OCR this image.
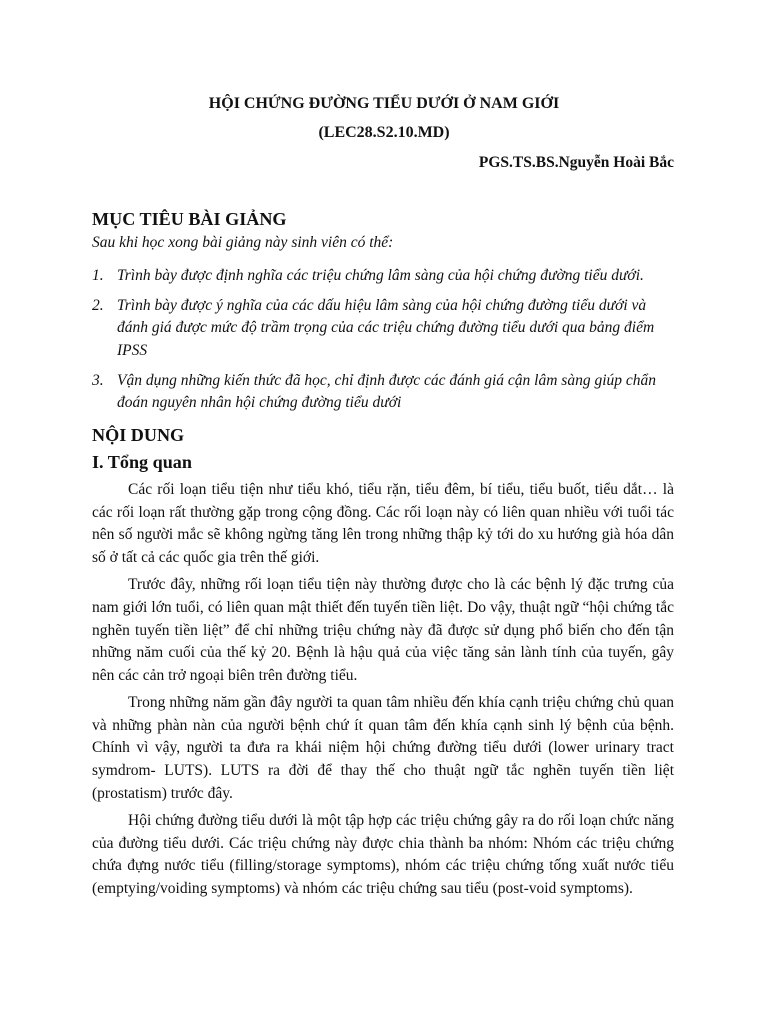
HỘI CHỨNG ĐƯỜNG TIỂU DƯỚI Ở NAM GIỚI
(LEC28.S2.10.MD)
PGS.TS.BS.Nguyễn Hoài Bắc
MỤC TIÊU BÀI GIẢNG

Sau khi học xong bài giảng này sinh viên có thể:

1. Trình bày được định nghĩa các triệu chứng lâm sàng của hội chứng đường tiểu dưới.
2. Trình bày được ý nghĩa của các dấu hiệu lâm sàng của hội chứng đường tiểu dưới và đánh giá được mức độ trầm trọng của các triệu chứng đường tiểu dưới qua bảng điểm IPSS
3. Vận dụng những kiến thức đã học, chỉ định được các đánh giá cận lâm sàng giúp chẩn đoán nguyên nhân hội chứng đường tiểu dưới
NỘI DUNG
I. Tổng quan

Các rối loạn tiểu tiện như tiểu khó, tiểu rặn, tiểu đêm, bí tiểu, tiểu buốt, tiểu dắt… là các rối loạn rất thường gặp trong cộng đồng. Các rối loạn này có liên quan nhiều với tuổi tác nên số người mắc sẽ không ngừng tăng lên trong những thập kỷ tới do xu hướng già hóa dân số ở tất cả các quốc gia trên thế giới.

Trước đây, những rối loạn tiểu tiện này thường được cho là các bệnh lý đặc trưng của nam giới lớn tuổi, có liên quan mật thiết đến tuyến tiền liệt. Do vậy, thuật ngữ “hội chứng tắc nghẽn tuyến tiền liệt” để chỉ những triệu chứng này đã được sử dụng phổ biến cho đến tận những năm cuối của thế kỷ 20. Bệnh là hậu quả của việc tăng sản lành tính của tuyến, gây nên các cản trở ngoại biên trên đường tiểu.

Trong những năm gần đây người ta quan tâm nhiều đến khía cạnh triệu chứng chủ quan và những phàn nàn của người bệnh chứ ít quan tâm đến khía cạnh sinh lý bệnh của bệnh. Chính vì vậy, người ta đưa ra khái niệm hội chứng đường tiểu dưới (lower urinary tract symdrom- LUTS). LUTS ra đời để thay thế cho thuật ngữ tắc nghẽn tuyến tiền liệt (prostatism) trước đây.

Hội chứng đường tiểu dưới là một tập hợp các triệu chứng gây ra do rối loạn chức năng của đường tiểu dưới. Các triệu chứng này được chia thành ba nhóm: Nhóm các triệu chứng chứa đựng nước tiểu (filling/storage symptoms), nhóm các triệu chứng tống xuất nước tiểu (emptying/voiding symptoms) và nhóm các triệu chứng sau tiểu (post-void symptoms).
